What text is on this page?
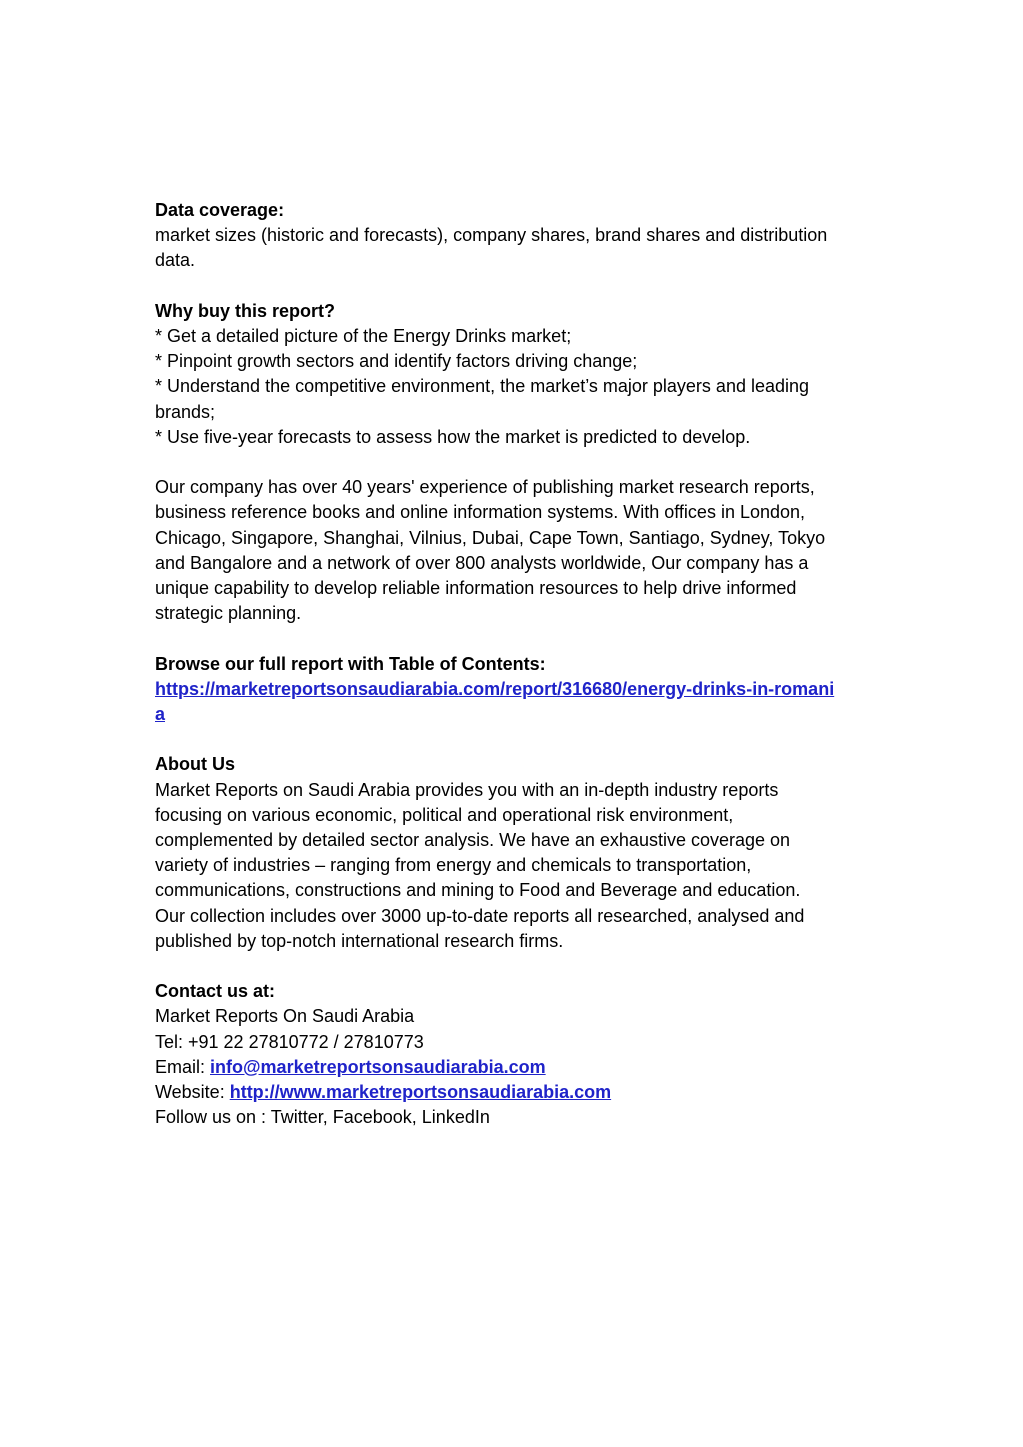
Data coverage:
market sizes (historic and forecasts), company shares, brand shares and distribution
data.
Why buy this report?
* Get a detailed picture of the Energy Drinks market;
* Pinpoint growth sectors and identify factors driving change;
* Understand the competitive environment, the market’s major players and leading
brands;
* Use five-year forecasts to assess how the market is predicted to develop.
Our company has over 40 years' experience of publishing market research reports,
business reference books and online information systems. With offices in London,
Chicago, Singapore, Shanghai, Vilnius, Dubai, Cape Town, Santiago, Sydney, Tokyo
and Bangalore and a network of over 800 analysts worldwide, Our company has a
unique capability to develop reliable information resources to help drive informed
strategic planning.
Browse our full report with Table of Contents:
https://marketreportsonsaudiarabia.com/report/316680/energy-drinks-in-romani
a
About Us
Market Reports on Saudi Arabia provides you with an in-depth industry reports
focusing on various economic, political and operational risk environment,
complemented by detailed sector analysis. We have an exhaustive coverage on
variety of industries – ranging from energy and chemicals to transportation,
communications, constructions and mining to Food and Beverage and education.
Our collection includes over 3000 up-to-date reports all researched, analysed and
published by top-notch international research firms.
Contact us at:
Market Reports On Saudi Arabia
Tel: +91 22 27810772 / 27810773
Email: info@marketreportsonsaudiarabia.com
Website: http://www.marketreportsonsaudiarabia.com
Follow us on : Twitter, Facebook, LinkedIn
